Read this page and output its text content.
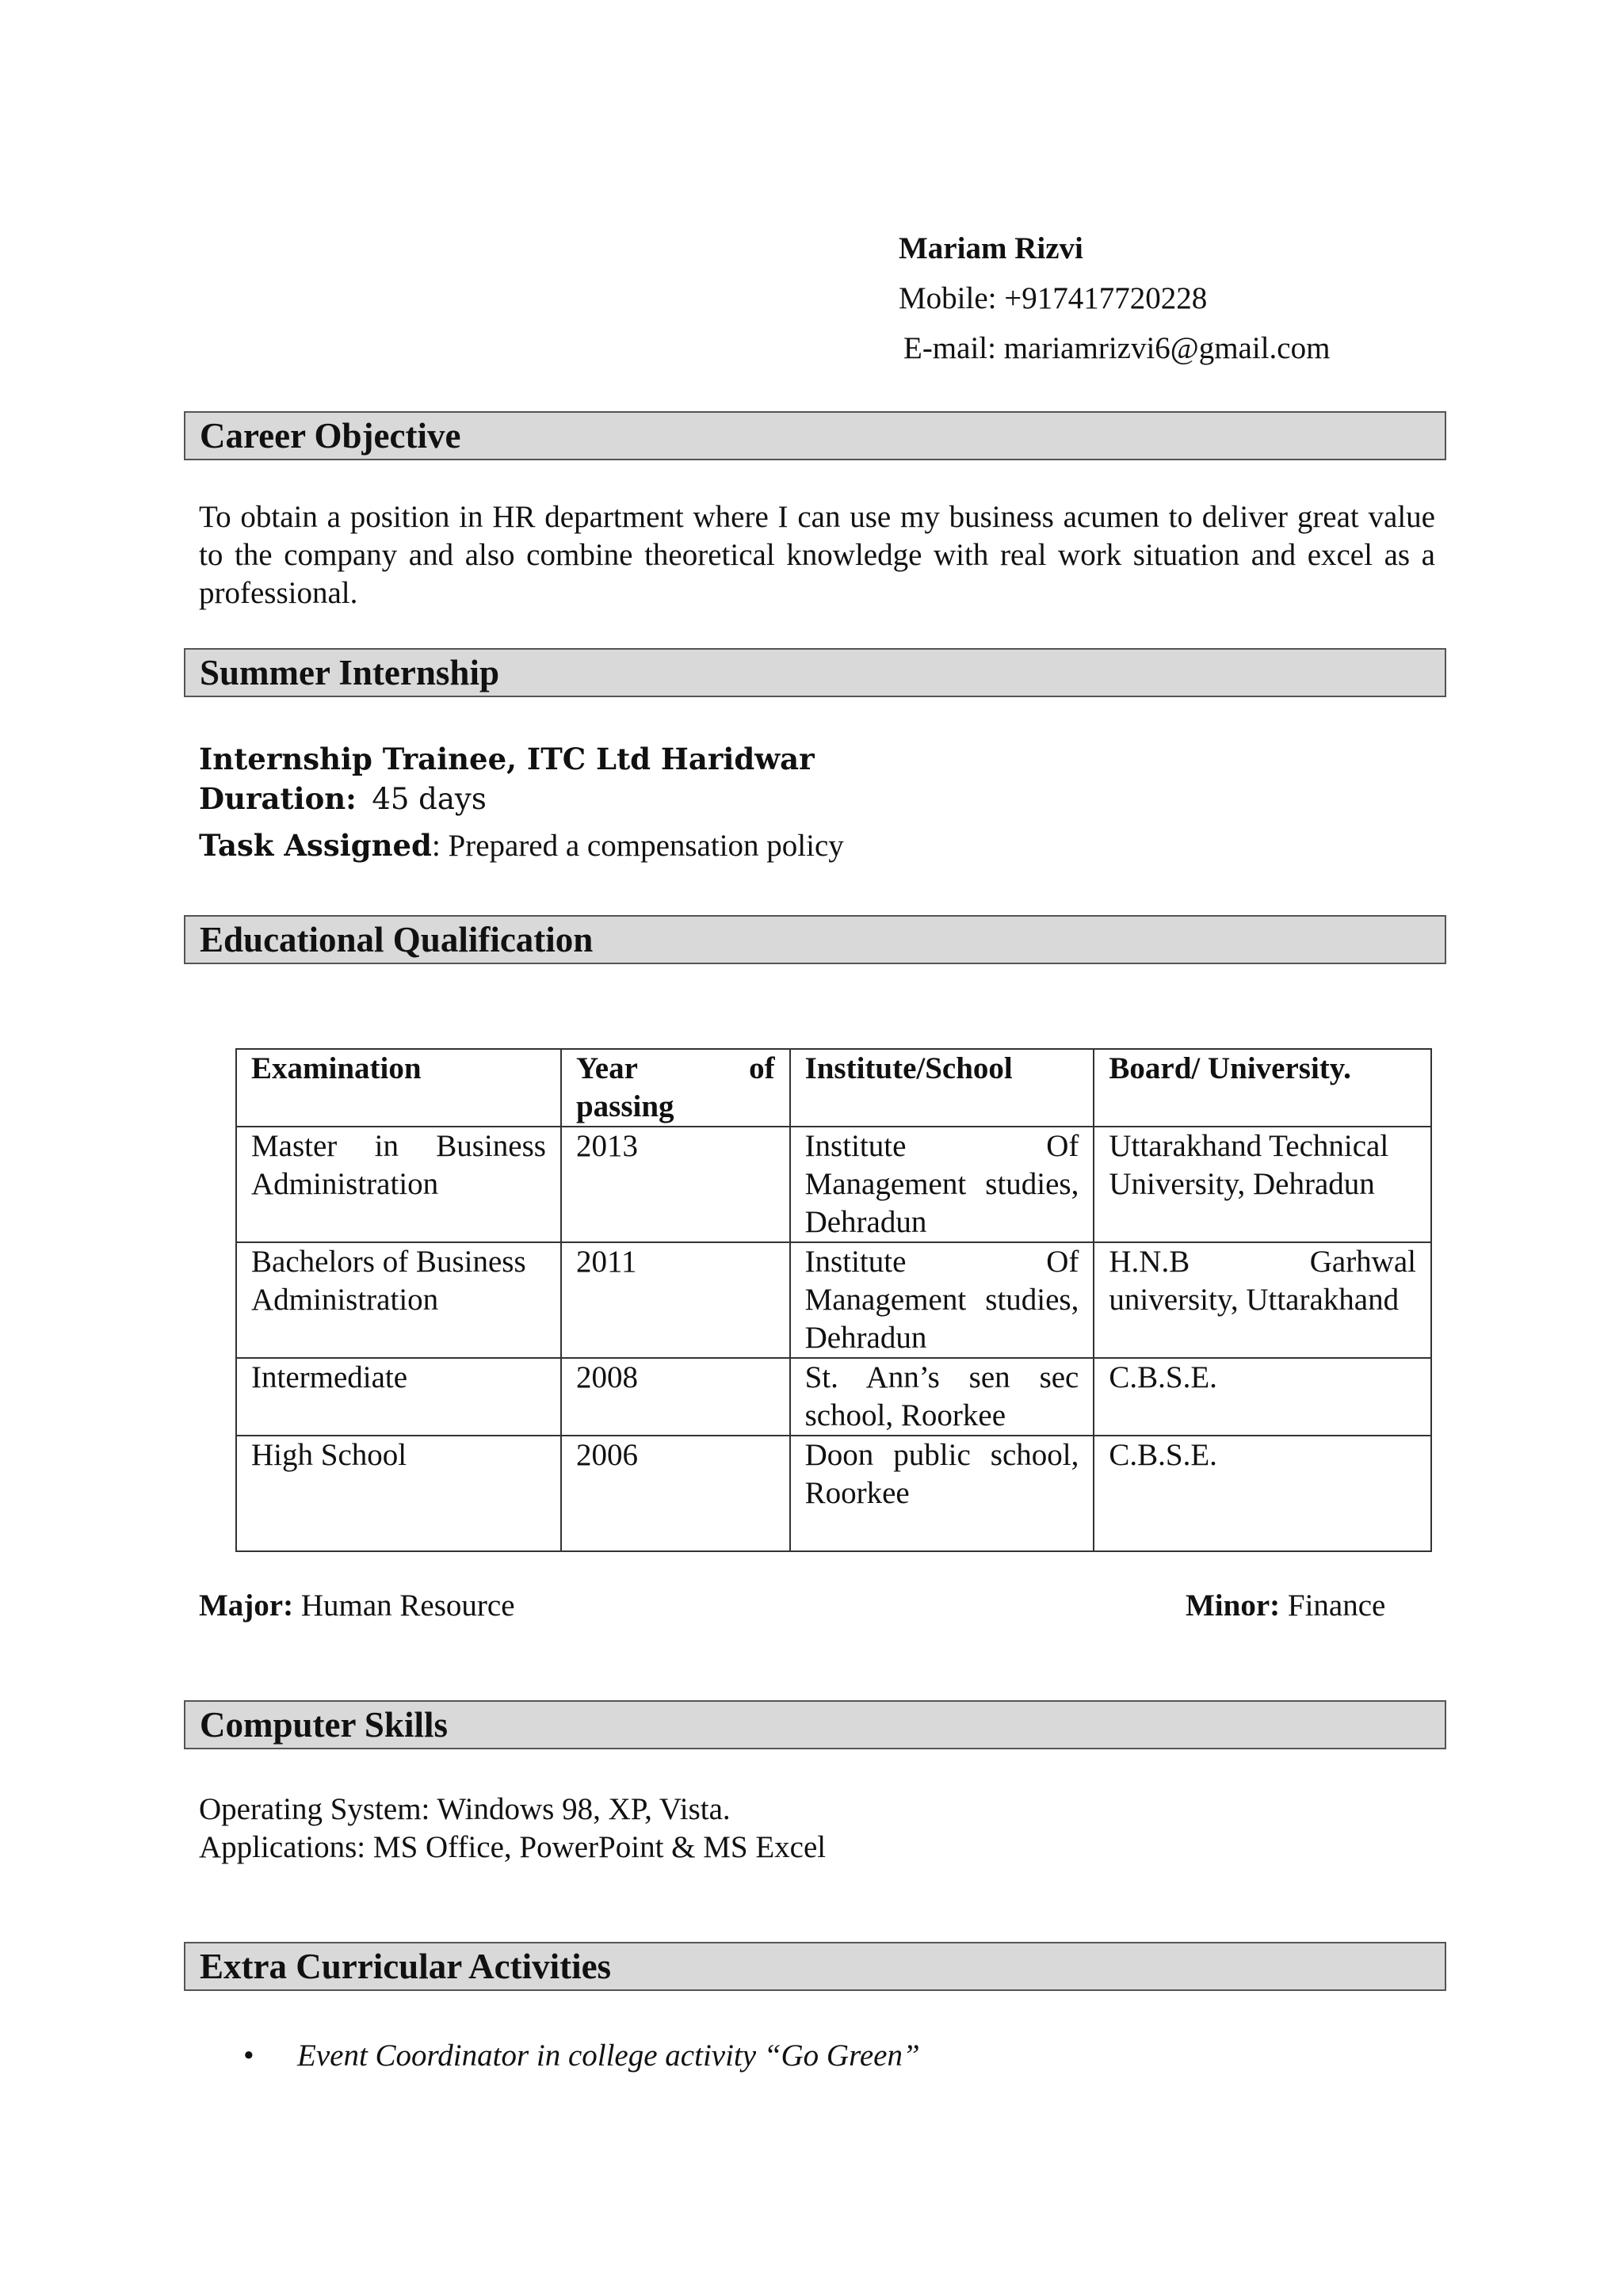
Mariam Rizvi
Mobile: +917417720228
E-mail: mariamrizvi6@gmail.com
Career Objective
To obtain a position in HR department where I can use my business acumen to deliver great value to the company and also combine theoretical knowledge with real work situation and excel as a professional.
Summer Internship
Internship Trainee, ITC Ltd Haridwar
Duration: 45 days
Task Assigned: Prepared a compensation policy
Educational Qualification
Examination	Year of passing	Institute/School	Board/ University.
Master in Business Administration	2013	Institute Of Management studies, Dehradun	Uttarakhand Technical University, Dehradun
Bachelors of Business Administration	2011	Institute Of Management studies, Dehradun	H.N.B Garhwal university, Uttarakhand
Intermediate	2008	St. Ann’s sen sec school, Roorkee	C.B.S.E.
High School	2006	Doon public school, Roorkee	C.B.S.E.
Major: Human Resource	Minor: Finance
Computer Skills
Operating System: Windows 98, XP, Vista.
Applications: MS Office, PowerPoint & MS Excel
Extra Curricular Activities
• Event Coordinator in college activity “Go Green”
